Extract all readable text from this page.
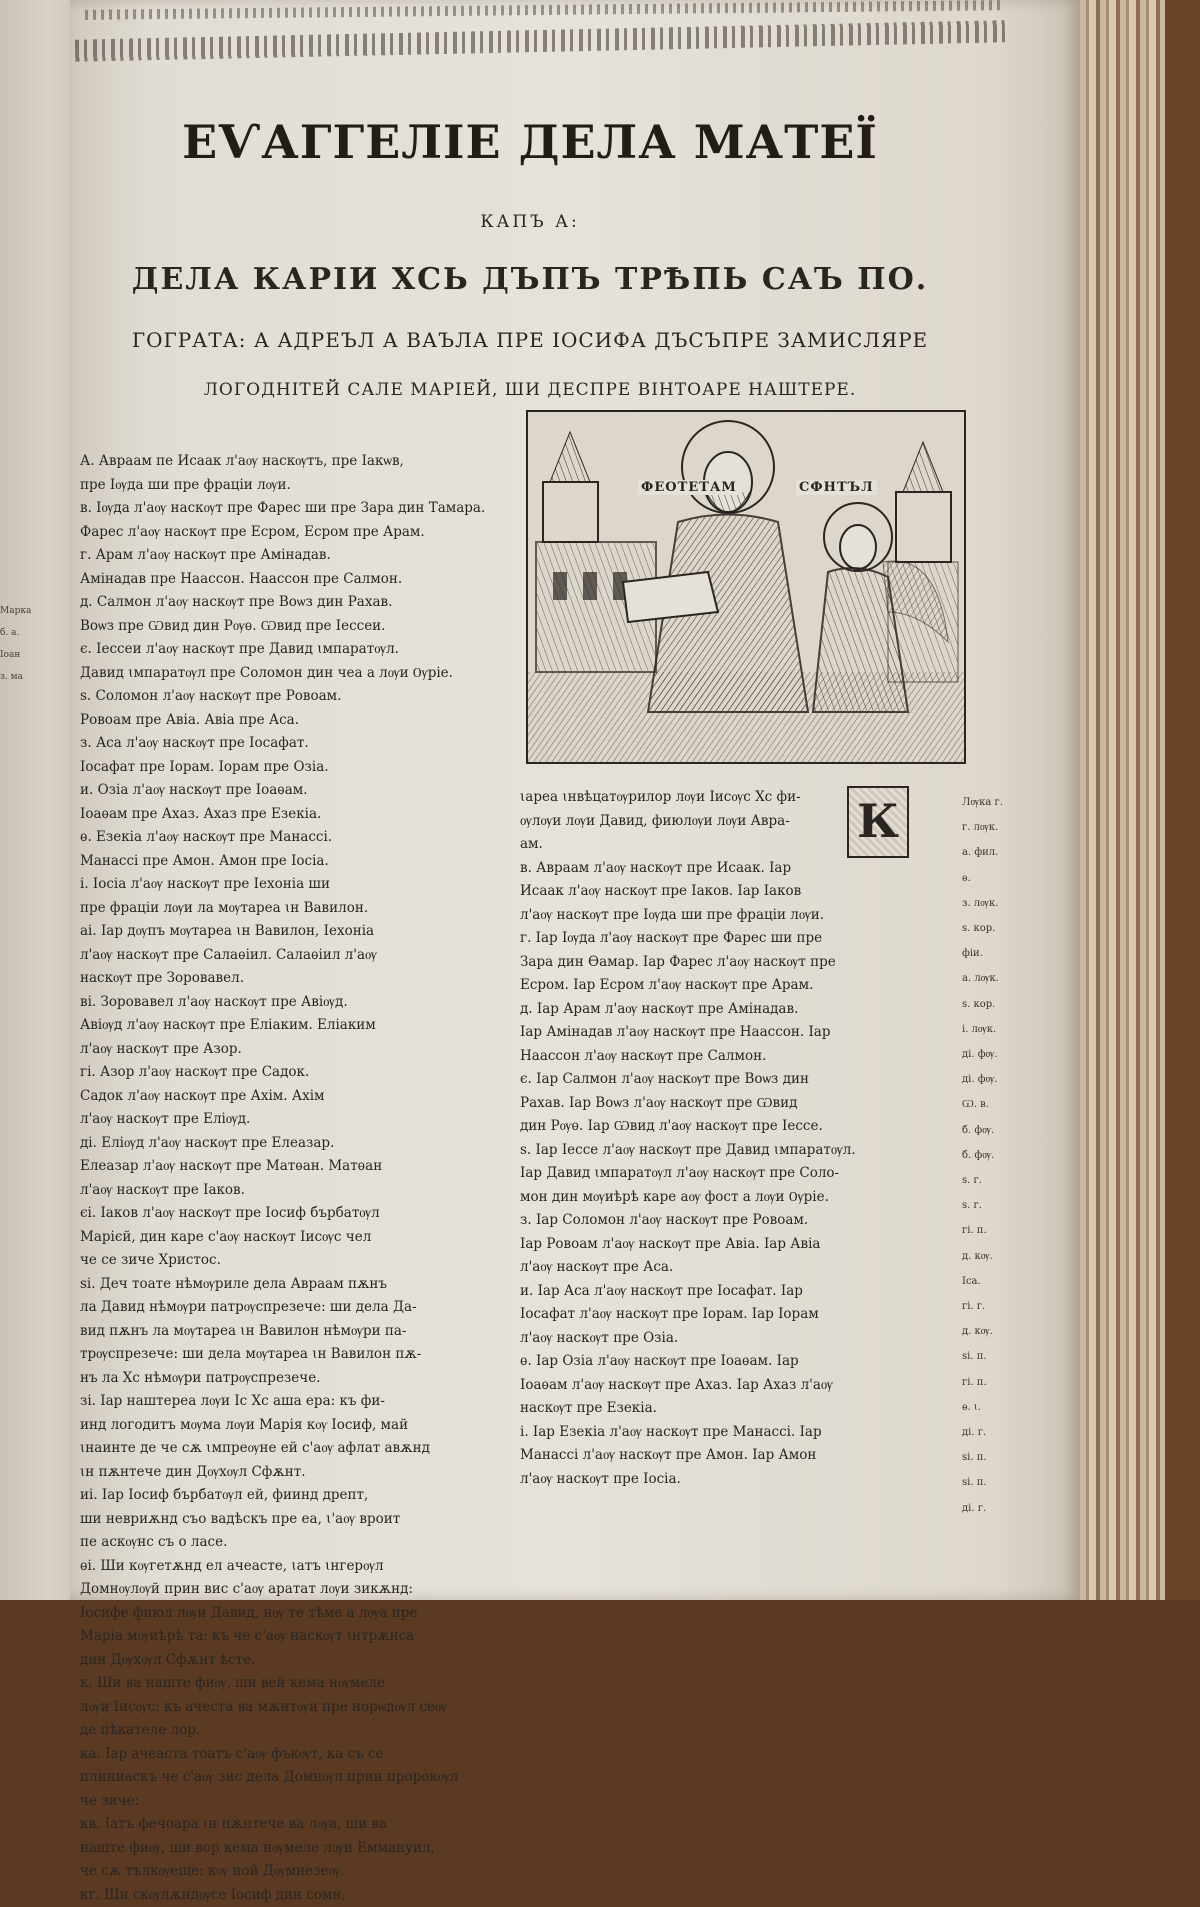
Марка
б. а.
Іоан
з. ма
ЕѴАГГЕЛІЕ ДЕЛА МАТЕЇ
КАПЪ А:
ДЕЛА КАРІИ ХСЬ ДЪПЪ ТРѢПЬ САЪ ПО.
ГОГРАТА: А АДРЕЪЛ А ВАЪЛА ПРЕ ІОСИФА ДЪСЪПРЕ ЗАМИСЛЯРЕ
ЛОГОДНІТЕЙ САЛЕ МАРІЕЙ, ШИ ДЕСПРЕ ВІНТОАРЕ НАШТЕРЕ.
ФЕОТЕТАМ	СФНТЪЛ

А. Авраам пе Исаак л'аѹ наскѹтъ, пре Іакѡв,

пре Іѹда ши пре фраціи лѹи.

в. Іѹда л'аѹ наскѹт пре Фарес ши пре Зара дин Тамара.

Фарес л'аѹ наскѹт пре Есром, Есром пре Арам.

г. Арам л'аѹ наскѹт пре Амінадав.

Амінадав пре Наассон. Наассон пре Салмон.

д. Салмон л'аѹ наскѹт пре Воѡз дин Рахав.

Воѡз пре Ѡвид дин Рѹѳ. Ѡвид пре Іессеи.

є. Іессеи л'аѹ наскѹт пре Давид ꙇмпаратѹл.

Давид ꙇмпаратѹл пре Соломон дин чеа а лѹи Ѹріе.

ѕ. Соломон л'аѹ наскѹт пре Ровоам.

Ровоам пре Авіа. Авіа пре Аса.

з. Аса л'аѹ наскѹт пре Іосафат.

Іосафат пре Іорам. Іорам пре Озіа.

и. Озіа л'аѹ наскѹт пре Іоаѳам.

Іоаѳам пре Ахаз. Ахаз пре Езекіа.

ѳ. Езекіа л'аѹ наскѹт пре Манассі.

Манассі пре Амон. Амон пре Іосіа.

і. Іосіа л'аѹ наскѹт пре Іехоніа ши

пре фраціи лѹи ла мѹтареа ꙇн Вавилон.

аі. Іар дѹпъ мѹтареа ꙇн Вавилон, Іехоніа

л'аѹ наскѹт пре Салаѳіил. Салаѳіил л'аѹ

наскѹт пре Зоровавел.

ві. Зоровавел л'аѹ наскѹт пре Авіѹд.

Авіѹд л'аѹ наскѹт пре Еліаким. Еліаким

л'аѹ наскѹт пре Азор.

гі. Азор л'аѹ наскѹт пре Садок.

Садок л'аѹ наскѹт пре Ахім. Ахім

л'аѹ наскѹт пре Еліѹд.

ді. Еліѹд л'аѹ наскѹт пре Елеазар.

Елеазар л'аѹ наскѹт пре Матѳан. Матѳан

л'аѹ наскѹт пре Іаков.

єі. Іаков л'аѹ наскѹт пре Іосиф бърбатѹл

Марієй, дин каре с'аѹ наскѹт Іисѹс чел

че се зиче Христос.

ѕі. Деч тоате нѣмѹриле дела Авраам пѫнъ

ла Давид нѣмѹри патрѹспрезече: ши дела Да-

вид пѫнъ ла мѹтареа ꙇн Вавилон нѣмѹри па-

трѹспрезече: ши дела мѹтареа ꙇн Вавилон пѫ-

нъ ла Хс нѣмѹри патрѹспрезече.

зі. Іар наштереа лѹи Іс Хс аша ера: къ фи-

инд логодитъ мѹма лѹи Марія кѹ Іосиф, май

ꙇнаинте де че сѫ ꙇмпреѹне ей с'аѹ афлат авѫнд

ꙇн пѫнтече дин Дѹхѹл Сфѫнт.

иі. Іар Іосиф бърбатѹл ей, фиинд дрепт,

ши невриѫнд съо вадѣскъ пре еа, ꙇ'аѹ вроит

пе аскѹнс съ о ласе.

ѳі. Ши кѹгетѫнд ел ачеасте, ꙇатъ ꙇнгерѹл

Домнѹлѹй прин вис с'аѹ аратат лѹи зикѫнд:

Іосифе фиюл лѹи Давид, нѹ те тѣме а лѹа пре

Маріа мѹиѣрѣ та: къ че с'аѹ наскѹт ꙇнтрѫнса

дин Дѹхѹл Сфѫнт ѣсте.

к. Ши ва наште фиѹ, ши вей кема нѹмеле

лѹи Іисѹс: къ ачеста ва мѫнтѹи пре норѡдѹл сеѹ

де пѣкателе лор.

ка. Іар ачеаста тоатъ с'аѹ фъкѹт, ка съ се

плиниаскъ че с'аѹ зис дела Домнѹл прин пророкѹл

че зиче:

кв. Ꙇатъ фечоара ꙇн пѫнтече ва лѹа, ши ва

наште фиѹ, ши вор кема нѹмеле лѹи Еммануил,

че сѫ тълкѹеще: кѹ ной Дѹмнезеѹ.

кг. Ши скѹлѫндѹсе Іосиф дин сомн,

К

ꙇареа ꙇнвѣцатѹрилор лѹи Іисѹс Хс фи-

ѹлѹи лѹи Давид, фиюлѹи лѹи Авра-

ам.

в. Авраам л'аѹ наскѹт пре Исаак. Іар

Исаак л'аѹ наскѹт пре Іаков. Іар Іаков

л'аѹ наскѹт пре Іѹда ши пре фраціи лѹи.

г. Іар Іѹда л'аѹ наскѹт пре Фарес ши пре

Зара дин Ѳамар. Іар Фарес л'аѹ наскѹт пре

Есром. Іар Есром л'аѹ наскѹт пре Арам.

д. Іар Арам л'аѹ наскѹт пре Амінадав.

Іар Амінадав л'аѹ наскѹт пре Наассон. Іар

Наассон л'аѹ наскѹт пре Салмон.

є. Іар Салмон л'аѹ наскѹт пре Воѡз дин

Рахав. Іар Воѡз л'аѹ наскѹт пре Ѡвид

дин Рѹѳ. Іар Ѡвид л'аѹ наскѹт пре Іессе.

ѕ. Іар Іессе л'аѹ наскѹт пре Давид ꙇмпаратѹл.

Іар Давид ꙇмпаратѹл л'аѹ наскѹт пре Соло-

мон дин мѹиѣрѣ каре аѹ фост а лѹи Ѹріе.

з. Іар Соломон л'аѹ наскѹт пре Ровоам.

Іар Ровоам л'аѹ наскѹт пре Авіа. Іар Авіа

л'аѹ наскѹт пре Аса.

и. Іар Аса л'аѹ наскѹт пре Іосафат. Іар

Іосафат л'аѹ наскѹт пре Іорам. Іар Іорам

л'аѹ наскѹт пре Озіа.

ѳ. Іар Озіа л'аѹ наскѹт пре Іоаѳам. Іар

Іоаѳам л'аѹ наскѹт пре Ахаз. Іар Ахаз л'аѹ

наскѹт пре Езекіа.

і. Іар Езекіа л'аѹ наскѹт пре Манассі. Іар

Манассі л'аѹ наскѹт пре Амон. Іар Амон

л'аѹ наскѹт пре Іосіа.

Лѹка г.

г. лѹк.

а. фил.

ѳ.

з. лѹк.

ѕ. кор.

фіи.

а. лѹк.

ѕ. кор.

і. лѹк.

ді. фѹ.

ді. фѹ.

Ѡ. в.

б. фѹ.

б. фѹ.

ѕ. г.

ѕ. г.

гі. п.

д. кѹ.

Іса.

гі. г.

д. кѹ.

ѕі. п.

гі. п.

ѳ. ꙇ.

ді. г.

ѕі. п.

ѕі. п.

ді. г.
